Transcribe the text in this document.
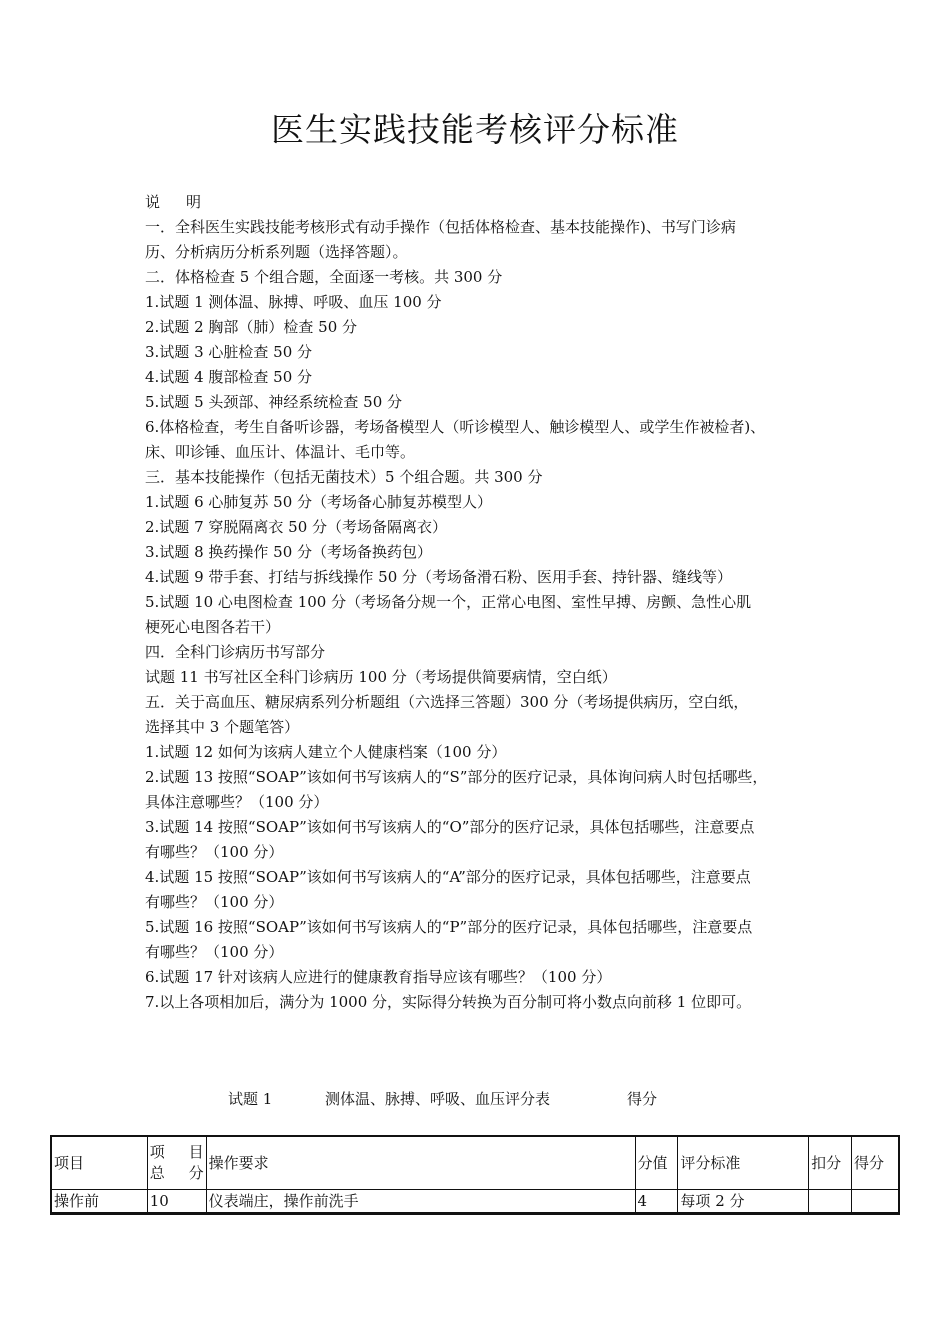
医生实践技能考核评分标准
说明
一．全科医生实践技能考核形式有动手操作（包括体格检查、基本技能操作)、书写门诊病
历、分析病历分析系列题（选择答题）。
二．体格检查 5 个组合题，全面逐一考核。共 300 分
1.试题 1 测体温、脉搏、呼吸、血压 100 分
2.试题 2 胸部（肺）检查 50 分
3.试题 3 心脏检查 50 分
4.试题 4 腹部检查 50 分
5.试题 5 头颈部、神经系统检查 50 分
6.体格检查，考生自备听诊器，考场备模型人（听诊模型人、触诊模型人、或学生作被检者)、
床、叩诊锤、血压计、体温计、毛巾等。
三．基本技能操作（包括无菌技术）5 个组合题。共 300 分
1.试题 6 心肺复苏 50 分（考场备心肺复苏模型人）
2.试题 7 穿脱隔离衣 50 分（考场备隔离衣）
3.试题 8 换药操作 50 分（考场备换药包）
4.试题 9 带手套、打结与拆线操作 50 分（考场备滑石粉、医用手套、持针器、缝线等）
5.试题 10 心电图检查 100 分（考场备分规一个，正常心电图、室性早搏、房颤、急性心肌
梗死心电图各若干）
四．全科门诊病历书写部分
试题 11 书写社区全科门诊病历 100 分（考场提供简要病情，空白纸）
五．关于高血压、糖尿病系列分析题组（六选择三答题）300 分（考场提供病历，空白纸，
选择其中 3 个题笔答）
1.试题 12 如何为该病人建立个人健康档案（100 分）
2.试题 13 按照“SOAP”该如何书写该病人的“S”部分的医疗记录，具体询问病人时包括哪些，
具体注意哪些？（100 分）
3.试题 14 按照“SOAP”该如何书写该病人的“O”部分的医疗记录，具体包括哪些，注意要点
有哪些？（100 分）
4.试题 15 按照“SOAP”该如何书写该病人的“A”部分的医疗记录，具体包括哪些，注意要点
有哪些？（100 分）
5.试题 16 按照“SOAP”该如何书写该病人的“P”部分的医疗记录，具体包括哪些，注意要点
有哪些？（100 分）
6.试题 17 针对该病人应进行的健康教育指导应该有哪些？（100 分）
7.以上各项相加后，满分为 1000 分，实际得分转换为百分制可将小数点向前移 1 位即可。
试题 1	测体温、脉搏、呼吸、血压评分表	得分
项目	项 目 总分	操作要求	分值	评分标准	扣分	得分
操作前	10	仪表端庄，操作前洗手	4	每项 2 分		
